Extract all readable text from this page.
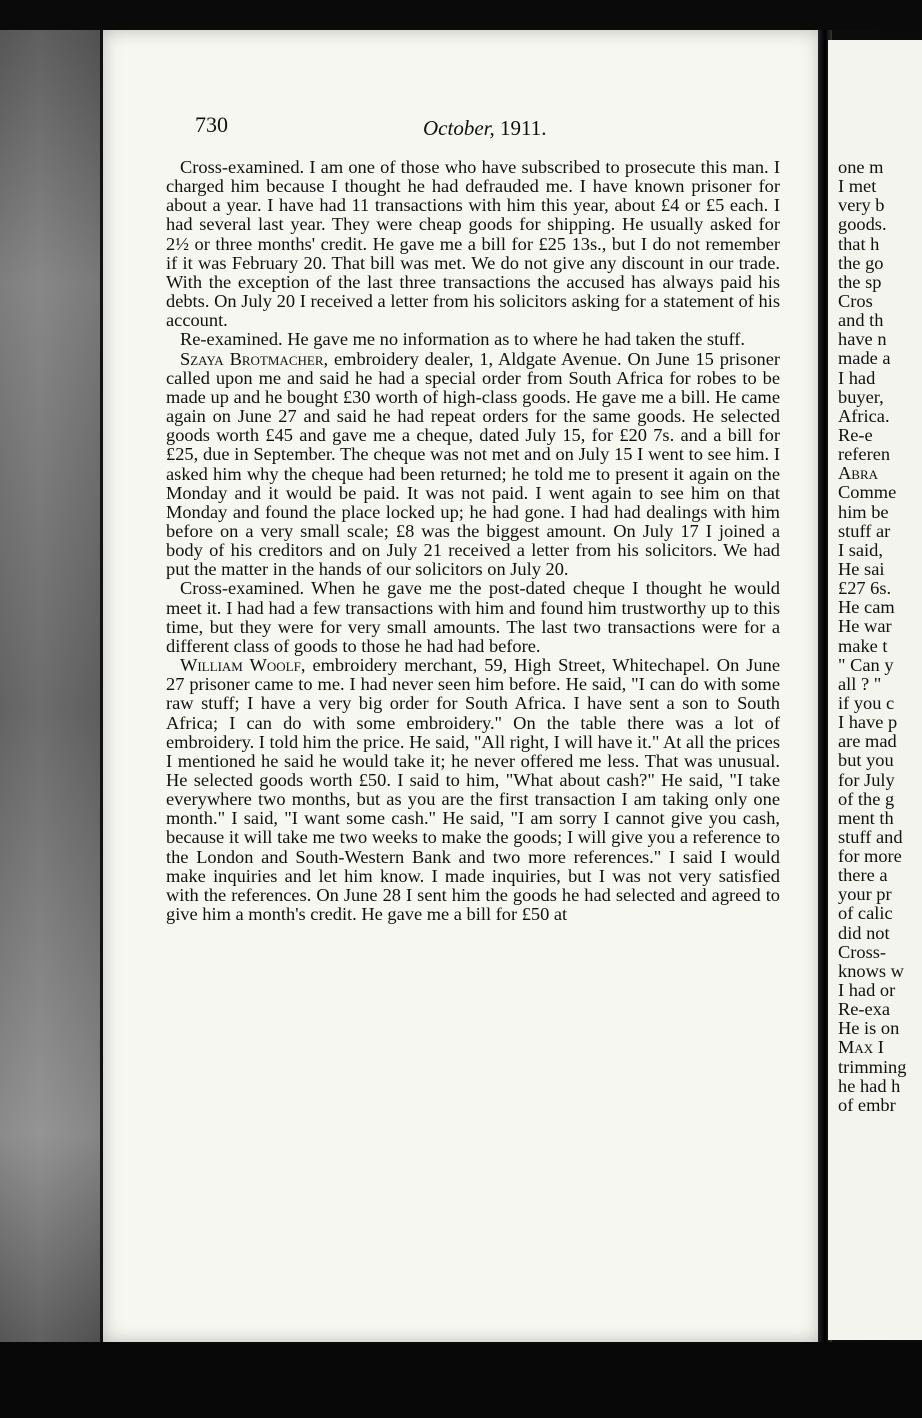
730	October, 1911.

Cross-examined. I am one of those who have subscribed to prosecute this man. I charged him because I thought he had defrauded me. I have known prisoner for about a year. I have had 11 transactions with him this year, about £4 or £5 each. I had several last year. They were cheap goods for shipping. He usually asked for 2½ or three months' credit. He gave me a bill for £25 13s., but I do not remember if it was February 20. That bill was met. We do not give any discount in our trade. With the exception of the last three transactions the accused has always paid his debts. On July 20 I received a letter from his solicitors asking for a statement of his account.

Re-examined. He gave me no information as to where he had taken the stuff.

Szaya Brotmacher, embroidery dealer, 1, Aldgate Avenue. On June 15 prisoner called upon me and said he had a special order from South Africa for robes to be made up and he bought £30 worth of high-class goods. He gave me a bill. He came again on June 27 and said he had repeat orders for the same goods. He selected goods worth £45 and gave me a cheque, dated July 15, for £20 7s. and a bill for £25, due in September. The cheque was not met and on July 15 I went to see him. I asked him why the cheque had been returned; he told me to present it again on the Monday and it would be paid. It was not paid. I went again to see him on that Monday and found the place locked up; he had gone. I had had dealings with him before on a very small scale; £8 was the biggest amount. On July 17 I joined a body of his creditors and on July 21 received a letter from his solicitors. We had put the matter in the hands of our solicitors on July 20.

Cross-examined. When he gave me the post-dated cheque I thought he would meet it. I had had a few transactions with him and found him trustworthy up to this time, but they were for very small amounts. The last two transactions were for a different class of goods to those he had had before.

William Woolf, embroidery merchant, 59, High Street, Whitechapel. On June 27 prisoner came to me. I had never seen him before. He said, "I can do with some raw stuff; I have a very big order for South Africa. I have sent a son to South Africa; I can do with some embroidery." On the table there was a lot of embroidery. I told him the price. He said, "All right, I will have it." At all the prices I mentioned he said he would take it; he never offered me less. That was unusual. He selected goods worth £50. I said to him, "What about cash?" He said, "I take everywhere two months, but as you are the first transaction I am taking only one month." I said, "I want some cash." He said, "I am sorry I cannot give you cash, because it will take me two weeks to make the goods; I will give you a reference to the London and South-Western Bank and two more references." I said I would make inquiries and let him know. I made inquiries, but I was not very satisfied with the references. On June 28 I sent him the goods he had selected and agreed to give him a month's credit. He gave me a bill for £50 at

one m
I met
very b
goods.
that h
the go
the sp
Cros
and th
have n
made a
I had
buyer,
Africa.
Re-e
referen
Abra
Comme
him be
stuff ar
I said,
He sai
£27 6s.
He cam
He war
make t
" Can y
all ? "
if you c
I have p
are mad
but you
for July
of the g
ment th
stuff and
for more
there a
your pr
of calic
did not
Cross-
knows w
I had or
Re-exa
He is on
Max I
trimming
he had h
of embr
